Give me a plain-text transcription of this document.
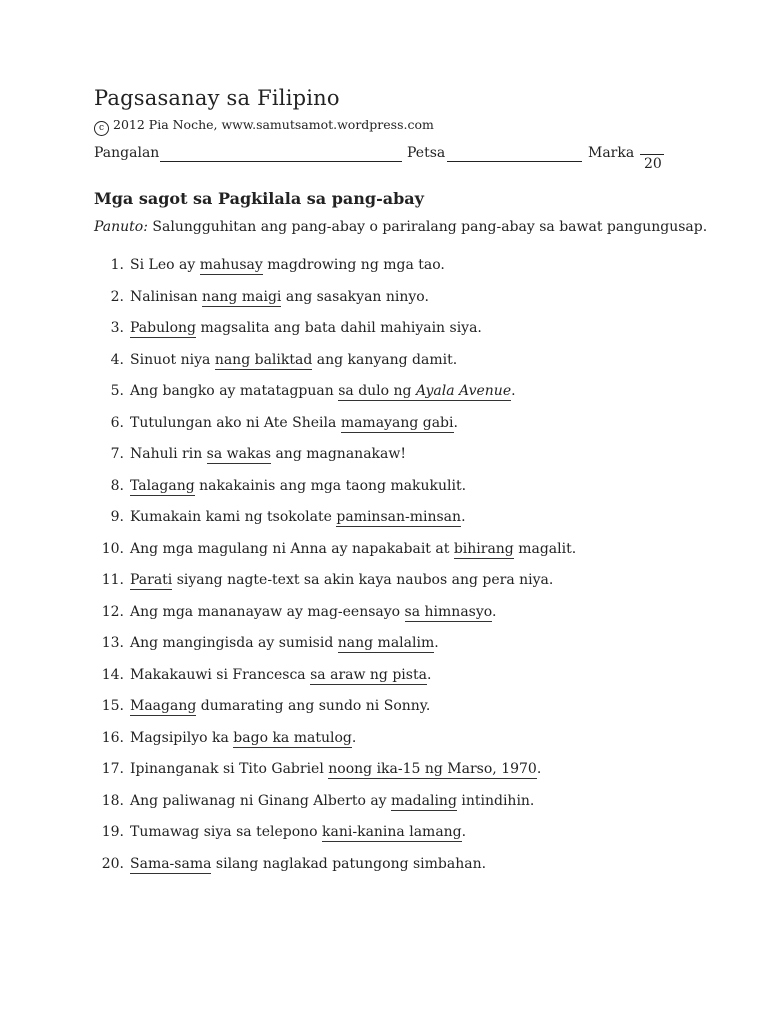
Pagsasanay sa Filipino
c 2012 Pia Noche, www.samutsamot.wordpress.com
Pangalan	Petsa	Marka
20
Mga sagot sa Pagkilala sa pang-abay
Panuto: Salungguhitan ang pang-abay o pariralang pang-abay sa bawat pangungusap.
1. Si Leo ay mahusay magdrowing ng mga tao.
2. Nalinisan nang maigi ang sasakyan ninyo.
3. Pabulong magsalita ang bata dahil mahiyain siya.
4. Sinuot niya nang baliktad ang kanyang damit.
5. Ang bangko ay matatagpuan sa dulo ng Ayala Avenue.
6. Tutulungan ako ni Ate Sheila mamayang gabi.
7. Nahuli rin sa wakas ang magnanakaw!
8. Talagang nakakainis ang mga taong makukulit.
9. Kumakain kami ng tsokolate paminsan-minsan.
10. Ang mga magulang ni Anna ay napakabait at bihirang magalit.
11. Parati siyang nagte-text sa akin kaya naubos ang pera niya.
12. Ang mga mananayaw ay mag-eensayo sa himnasyo.
13. Ang mangingisda ay sumisid nang malalim.
14. Makakauwi si Francesca sa araw ng pista.
15. Maagang dumarating ang sundo ni Sonny.
16. Magsipilyo ka bago ka matulog.
17. Ipinanganak si Tito Gabriel noong ika-15 ng Marso, 1970.
18. Ang paliwanag ni Ginang Alberto ay madaling intindihin.
19. Tumawag siya sa telepono kani-kanina lamang.
20. Sama-sama silang naglakad patungong simbahan.
